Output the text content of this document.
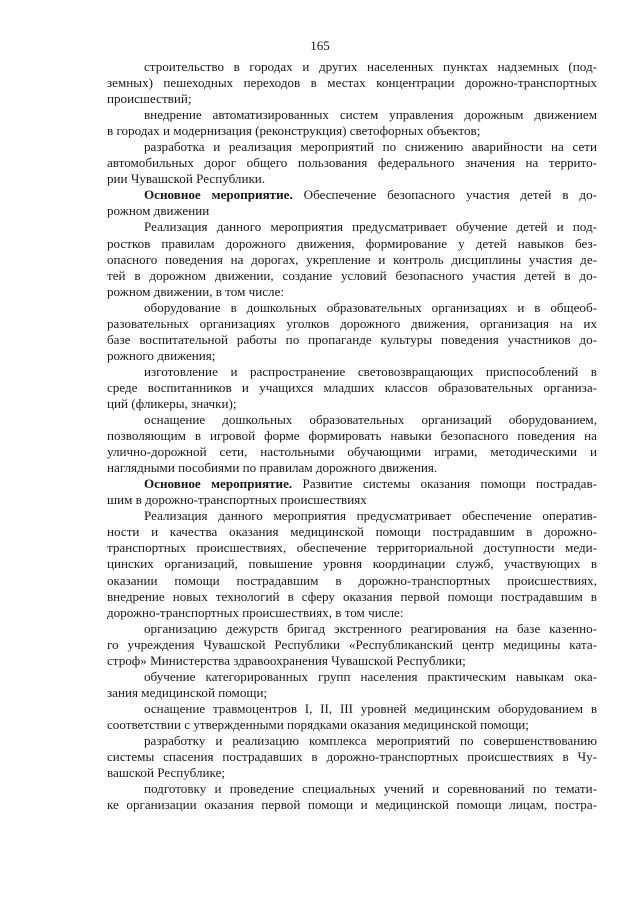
165
строительство в городах и других населенных пунктах надземных (под-
земных) пешеходных переходов в местах концентрации дорожно-транспортных
происшествий;
внедрение автоматизированных систем управления дорожным движением
в городах и модернизация (реконструкция) светофорных объектов;
разработка и реализация мероприятий по снижению аварийности на сети
автомобильных дорог общего пользования федерального значения на террито-
рии Чувашской Республики.
Основное мероприятие. Обеспечение безопасного участия детей в до-
рожном движении
Реализация данного мероприятия предусматривает обучение детей и под-
ростков правилам дорожного движения, формирование у детей навыков без-
опасного поведения на дорогах, укрепление и контроль дисциплины участия де-
тей в дорожном движении, создание условий безопасного участия детей в до-
рожном движении, в том числе:
оборудование в дошкольных образовательных организациях и в общеоб-
разовательных организациях уголков дорожного движения, организация на их
базе воспитательной работы по пропаганде культуры поведения участников до-
рожного движения;
изготовление и распространение световозвращающих приспособлений в
среде воспитанников и учащихся младших классов образовательных организа-
ций (фликеры, значки);
оснащение дошкольных образовательных организаций оборудованием,
позволяющим в игровой форме формировать навыки безопасного поведения на
улично-дорожной сети, настольными обучающими играми, методическими и
наглядными пособиями по правилам дорожного движения.
Основное мероприятие. Развитие системы оказания помощи пострадав-
шим в дорожно-транспортных происшествиях
Реализация данного мероприятия предусматривает обеспечение оператив-
ности и качества оказания медицинской помощи пострадавшим в дорожно-
транспортных происшествиях, обеспечение территориальной доступности меди-
цинских организаций, повышение уровня координации служб, участвующих в
оказании помощи пострадавшим в дорожно-транспортных происшествиях,
внедрение новых технологий в сферу оказания первой помощи пострадавшим в
дорожно-транспортных происшествиях, в том числе:
организацию дежурств бригад экстренного реагирования на базе казенно-
го учреждения Чувашской Республики «Республиканский центр медицины ката-
строф» Министерства здравоохранения Чувашской Республики;
обучение категорированных групп населения практическим навыкам ока-
зания медицинской помощи;
оснащение травмоцентров I, II, III уровней медицинским оборудованием в
соответствии с утвержденными порядками оказания медицинской помощи;
разработку и реализацию комплекса мероприятий по совершенствованию
системы спасения пострадавших в дорожно-транспортных происшествиях в Чу-
вашской Республике;
подготовку и проведение специальных учений и соревнований по темати-
ке организации оказания первой помощи и медицинской помощи лицам, постра-
